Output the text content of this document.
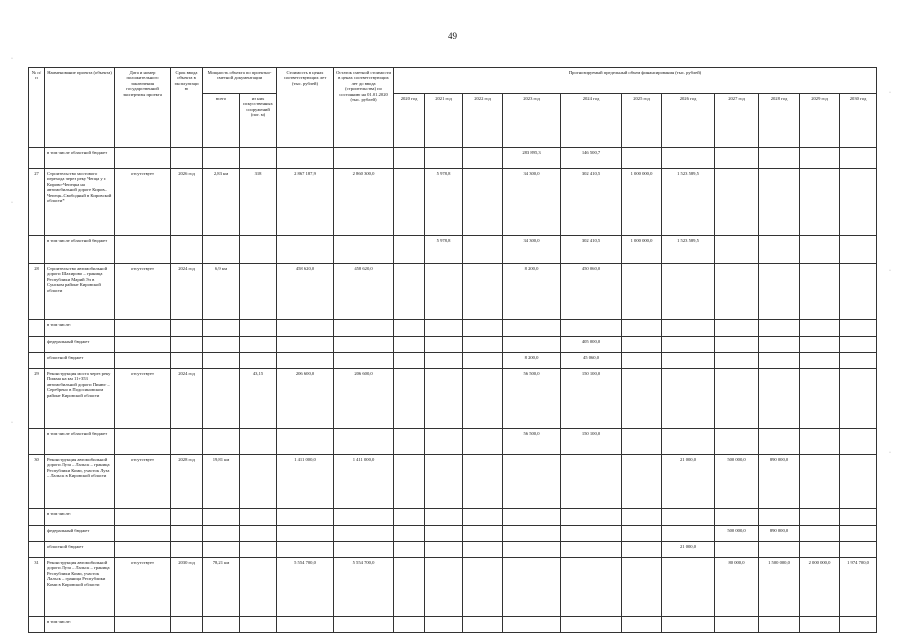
49
·
·
·
·
·
·
№ п/п	Наименование проекта (объекта)	Дата и номер положительного заключения государственной экспертизы проекта	Срок ввода объекта в эксплуатацию	Мощность объекта по проектно-сметной документации		Стоимость в ценах соответствующих лет (тыс. рублей)	Остаток сметной стоимости в ценах соответствующих лет до ввода (строительства) по состоянию на 01.01.2020 (тыс. рублей)	Прогнозируемый предельный объем финансирования (тыс. рублей)										
				всего	из них искусственных сооружений (пог. м)			2020 год	2021 год	2022 год	2023 год	2024 год	2025 год	2026 год	2027 год	2028 год	2029 год	2030 год
	в том числе областной бюджет										283 895,3	146 500,7						
27	Строительство мостового перехода через реку Чепца у г. Кирово-Чепецка на автомобильной дороге Киров–Чепецк–Свободный в Кировской области*	отсутствует	2026 год	2,83 км	318	2 867 187,9	2 860 300,0		5 978,8		34 300,0	302 410,5	1 000 000,0	1 523 589,5				
	в том числе областной бюджет								5 978,8		34 300,0	302 410,5	1 000 000,0	1 523 589,5				
28	Строительство автомобильной дороги Шахирово – граница Республики Марий Эл в Сунском районе Кировской области	отсутствует	2024 год	6,9 км		458 620,0	458 620,0				8 200,0	450 060,0						
	в том числе:																	
	федеральный бюджет											405 000,0						
	областной бюджет										8 200,0	45 060,0						
29	Реконструкция моста через реку Пижма на км 11+353 автомобильной дороги Пинюг – Серебрено в Подосиновском районе Кировской области	отсутствует	2024 год		43,15	206 600,0	206 600,0				56 500,0	150 100,0						
	в том числе областной бюджет										56 500,0	150 100,0						
30	Реконструкция автомобильной дороги Луза – Лальск – граница Республики Коми, участок Луза – Лальск в Кировской области	отсутствует	2028 год	19,81 км		1 411 000,0	1 411 000,0							21 000,0	500 000,0	890 000,0		
	в том числе:																	
	федеральный бюджет														500 000,0	890 000,0		
	областной бюджет													21 000,0				
31	Реконструкция автомобильной дороги Луза – Лальск – граница Республики Коми, участок Лальск – граница Республики Коми в Кировской области	отсутствует	2030 год	78,21 км		5 554 700,0	5 554 700,0								80 000,0	1 500 000,0	2 000 000,0	1 974 700,0
	в том числе:																	
